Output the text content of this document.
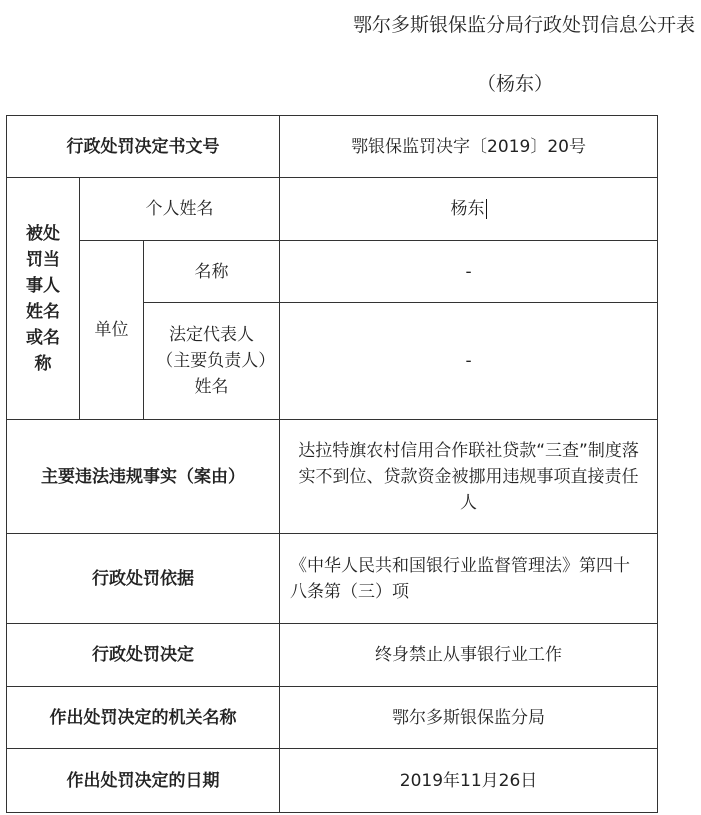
鄂尔多斯银保监分局行政处罚信息公开表
（杨东）
行政处罚决定书文号			鄂银保监罚决字〔2019〕20号

被处罚当事人姓名或名称	个人姓名		杨东
	单位	名称	-

		法定代表人（主要负责人）姓名	-
主要违法违规事实（案由）			达拉特旗农村信用合作联社贷款“三查”制度落实不到位、贷款资金被挪用违规事项直接责任人

行政处罚依据			《中华人民共和国银行业监督管理法》第四十八条第（三）项
行政处罚决定			终身禁止从事银行业工作
作出处罚决定的机关名称			鄂尔多斯银保监分局
作出处罚决定的日期			2019年11月26日
